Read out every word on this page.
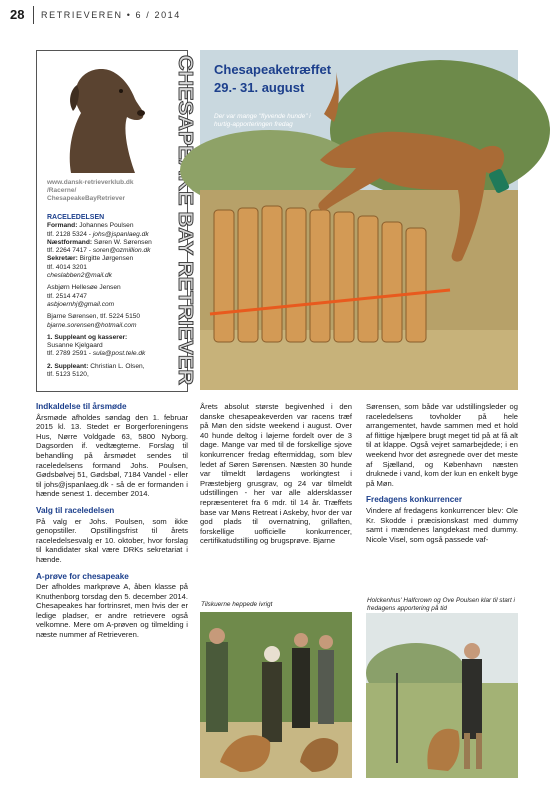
28 RETRIEVEREN • 6 / 2014
CHESAPEAKE BAY RETRIEVER
www.dansk-retrieverklub.dk
/Racerne/
ChesapeakeBayRetriever
RACELEDELSEN
Formand: Johannes Poulsen
tlf. 2128 5324 - johs@jspanlaeg.dk
Næstformand: Søren W. Sørensen
tlf. 2264 7417 - soren@ozmillion.dk
Sekretær: Birgitte Jørgensen
tlf. 4014 3201
cheslabben2@mail.dk
Asbjørn Hellesøe Jensen
tlf. 2514 4747
asbjoernhj@gmail.com
Bjarne Sørensen, tlf. 5224 5150
bjarne.sorensen@hotmail.com
1. Suppleant og kasserer:
Susanne Kjelgaard
tlf. 2789 2591 - sula@post.tele.dk
2. Suppleant: Christian L. Olsen,
tlf. 5123 5120,
Chesapeaketræffet
29.- 31. august
Der var mange "flyvende hunde" i hurtig-apporteringen fredag
Indkaldelse til årsmøde

Årsmøde afholdes søndag den 1. februar 2015 kl. 13. Stedet er Borgerforeningens Hus, Nørre Voldgade 63, 5800 Nyborg. Dagsorden if. vedtægterne. Forslag til behandling på årsmødet sendes til raceledelsens formand Johs. Poulsen, Gødsbølvej 51, Gødsbøl, 7184 Vandel - eller til johs@jspanlaeg.dk - så de er formanden i hænde senest 1. december 2014.

Valg til raceledelsen

På valg er Johs. Poulsen, som ikke genopstiller. Opstillingsfrist til årets raceledelsesvalg er 10. oktober, hvor forslag til kandidater skal være DRKs sekretariat i hænde.

A-prøve for chesapeake

Der afholdes markprøve A, åben klasse på Knuthenborg torsdag den 5. december 2014. Chesapeakes har fortrinsret, men hvis der er ledige pladser, er andre retrievere også velkomne. Mere om A-prøven og tilmelding i næste nummer af Retrieveren.

Årets absolut største begivenhed i den danske chesapeakeverden var racens træf på Møn den sidste weekend i august. Over 40 hunde deltog i løjerne fordelt over de 3 dage. Mange var med til de forskellige sjove konkurrencer fredag eftermiddag, som blev ledet af Søren Sørensen. Næsten 30 hunde var tilmeldt lørdagens workingtest i Præstebjerg grusgrav, og 24 var tilmeldt udstillingen - her var alle aldersklasser repræsenteret fra 6 mdr. til 14 år. Træffets base var Møns Retreat i Askeby, hvor der var god plads til overnatning, grillaften, forskellige uofficielle konkurrencer, certifikatudstilling og brugsprøve. Bjarne

Tilskuerne heppede ivrigt

Sørensen, som både var udstillingsleder og raceledelsens tovholder på hele arrangementet, havde sammen med et hold af flittige hjælpere brugt meget tid på at få alt til at klappe. Også vejret samarbejdede; i en weekend hvor det øsregnede over det meste af Sjælland, og København næsten druknede i vand, kom der kun en enkelt byge på Møn.

Fredagens konkurrencer

Vindere af fredagens konkurrencer blev: Ole Kr. Skodde i præcisionskast med dummy samt i mændenes langdekast med dummy. Nicole Visel, som også passede vaf-

Holckenhus' Halfcrown og Ove Poulsen klar til start i fredagens apportering på tid
